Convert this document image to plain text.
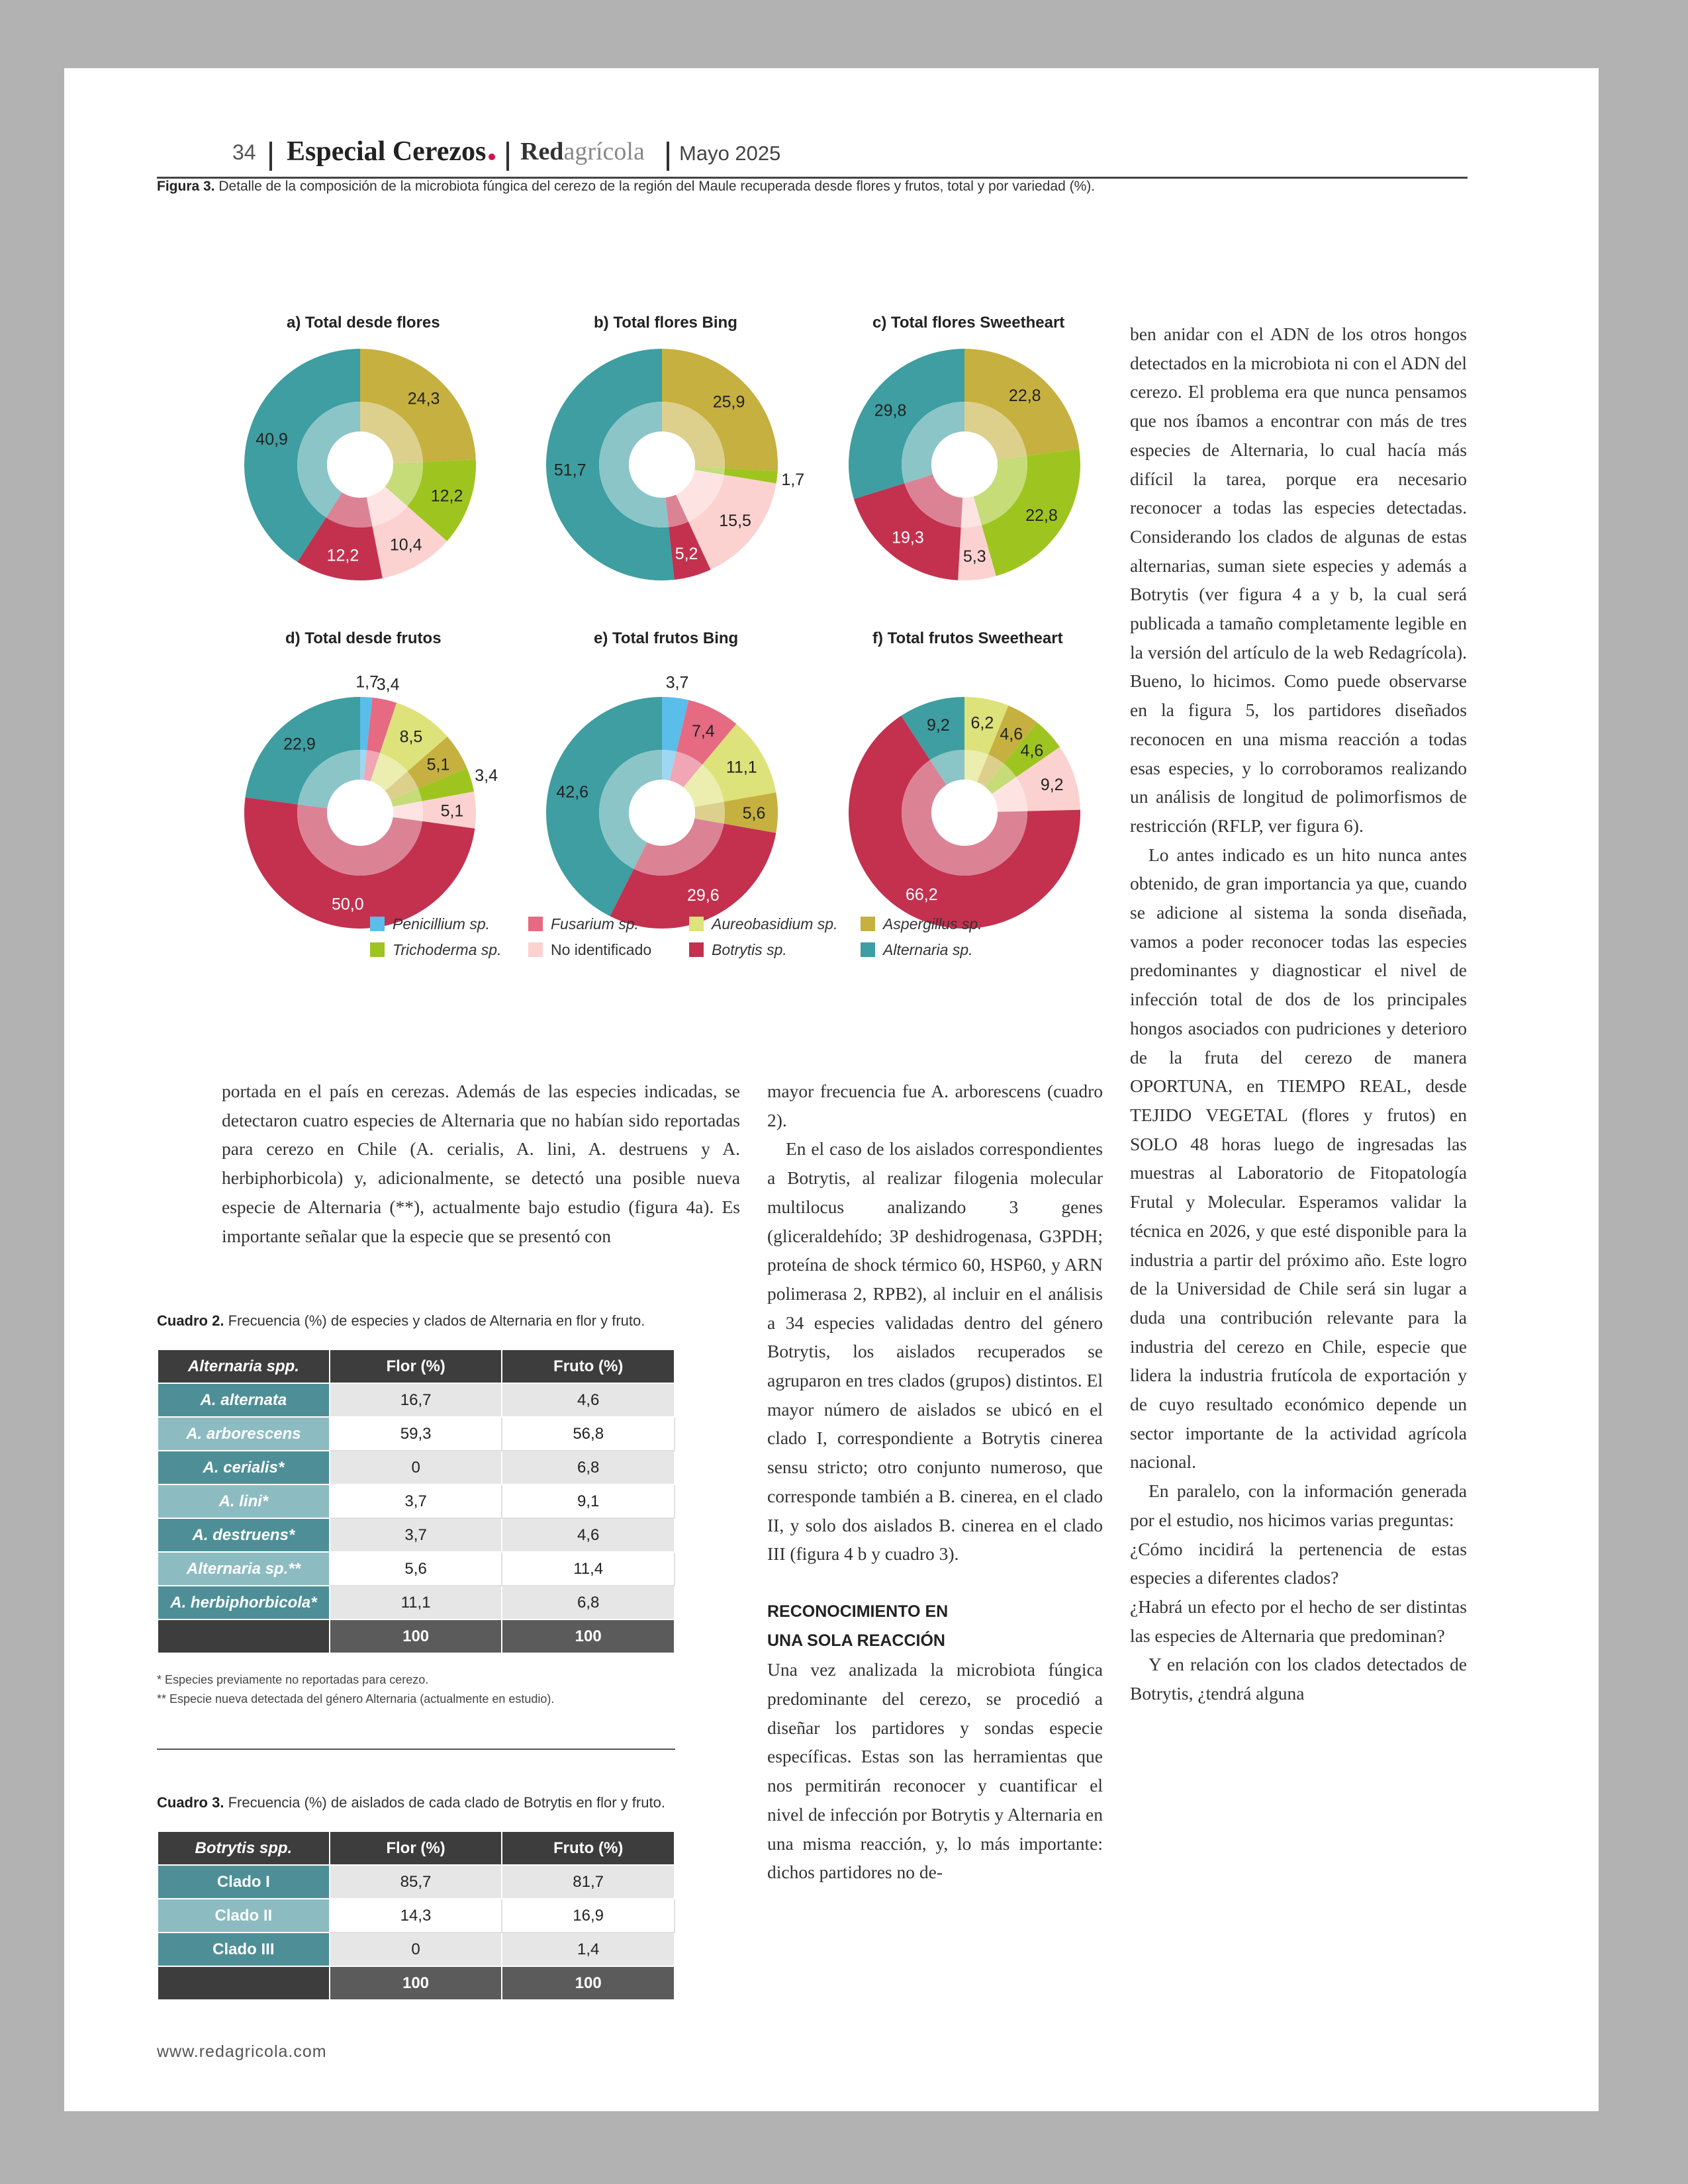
34 Especial Cerezos	Redagrícola Mayo 2025
Figura 3. Detalle de la composición de la microbiota fúngica del cerezo de la región del Maule recuperada desde flores y frutos, total y por variedad (%).
a) Total desde flores	b) Total flores Bing	c) Total flores Sweetheart
d) Total desde frutos	e) Total frutos Bing	f) Total frutos Sweetheart
24,3
12,2
10,4
12,2
40,9
25,9
1,7
15,5
5,2
51,7
22,8
22,8
5,3
19,3
29,8
1,7
3,4
8,5
5,1
3,4
5,1
50,0
22,9
3,7
7,4
11,1
5,6
29,6
42,6
6,2
4,6
4,6
9,2
66,2
9,2
Penicillium sp.	Fusarium sp.	Aureobasidium sp.	Aspergillus sp.
Trichoderma sp.	No identificado	Botrytis sp.	Alternaria sp.

portada en el país en cerezas. Además de las especies indicadas, se detectaron cuatro especies de Alternaria que no habían sido reportadas para cerezo en Chile (A. cerialis, A. lini, A. destruens y A. herbiphorbicola) y, adicionalmente, se detectó una posible nueva especie de Alternaria (**), actualmente bajo estudio (figura 4a). Es importante señalar que la especie que se presentó con

Cuadro 2. Frecuencia (%) de especies y clados de Alternaria en flor y fruto.
Alternaria spp.	Flor (%)	Fruto (%)
A. alternata	16,7	4,6
A. arborescens	59,3	56,8
A. cerialis*	0	6,8
A. lini*	3,7	9,1
A. destruens*	3,7	4,6
Alternaria sp.**	5,6	11,4
A. herbiphorbicola*	11,1	6,8
	100	100
* Especies previamente no reportadas para cerezo.
** Especie nueva detectada del género Alternaria (actualmente en estudio).
Cuadro 3. Frecuencia (%) de aislados de cada clado de Botrytis en flor y fruto.
Botrytis spp.	Flor (%)	Fruto (%)
Clado I	85,7	81,7
Clado II	14,3	16,9
Clado III	0	1,4
	100	100

mayor frecuencia fue A. arborescens (cuadro 2).

En el caso de los aislados correspondientes a Botrytis, al realizar filogenia molecular multilocus analizando 3 genes (gliceraldehído; 3P deshidrogenasa, G3PDH; proteína de shock térmico 60, HSP60, y ARN polimerasa 2, RPB2), al incluir en el análisis a 34 especies validadas dentro del género Botrytis, los aislados recuperados se agruparon en tres clados (grupos) distintos. El mayor número de aislados se ubicó en el clado I, correspondiente a Botrytis cinerea sensu stricto; otro conjunto numeroso, que corresponde también a B. cinerea, en el clado II, y solo dos aislados B. cinerea en el clado III (figura 4 b y cuadro 3).

RECONOCIMIENTO EN

UNA SOLA REACCIÓN

Una vez analizada la microbiota fúngica predominante del cerezo, se procedió a diseñar los partidores y sondas especie específicas. Estas son las herramientas que nos permitirán reconocer y cuantificar el nivel de infección por Botrytis y Alternaria en una misma reacción, y, lo más importante: dichos partidores no de-

ben anidar con el ADN de los otros hongos detectados en la microbiota ni con el ADN del cerezo. El problema era que nunca pensamos que nos íbamos a encontrar con más de tres especies de Alternaria, lo cual hacía más difícil la tarea, porque era necesario reconocer a todas las especies detectadas. Considerando los clados de algunas de estas alternarias, suman siete especies y además a Botrytis (ver figura 4 a y b, la cual será publicada a tamaño completamente legible en la versión del artículo de la web Redagrícola). Bueno, lo hicimos. Como puede observarse en la figura 5, los partidores diseñados reconocen en una misma reacción a todas esas especies, y lo corroboramos realizando un análisis de longitud de polimorfismos de restricción (RFLP, ver figura 6).

Lo antes indicado es un hito nunca antes obtenido, de gran importancia ya que, cuando se adicione al sistema la sonda diseñada, vamos a poder reconocer todas las especies predominantes y diagnosticar el nivel de infección total de dos de los principales hongos asociados con pudriciones y deterioro de la fruta del cerezo de manera OPORTUNA, en TIEMPO REAL, desde TEJIDO VEGETAL (flores y frutos) en SOLO 48 horas luego de ingresadas las muestras al Laboratorio de Fitopatología Frutal y Molecular. Esperamos validar la técnica en 2026, y que esté disponible para la industria a partir del próximo año. Este logro de la Universidad de Chile será sin lugar a duda una contribución relevante para la industria del cerezo en Chile, especie que lidera la industria frutícola de exportación y de cuyo resultado económico depende un sector importante de la actividad agrícola nacional.

En paralelo, con la información generada por el estudio, nos hicimos varias preguntas:

¿Cómo incidirá la pertenencia de estas especies a diferentes clados?

¿Habrá un efecto por el hecho de ser distintas las especies de Alternaria que predominan?

Y en relación con los clados detectados de Botrytis, ¿tendrá alguna

www.redagricola.com
